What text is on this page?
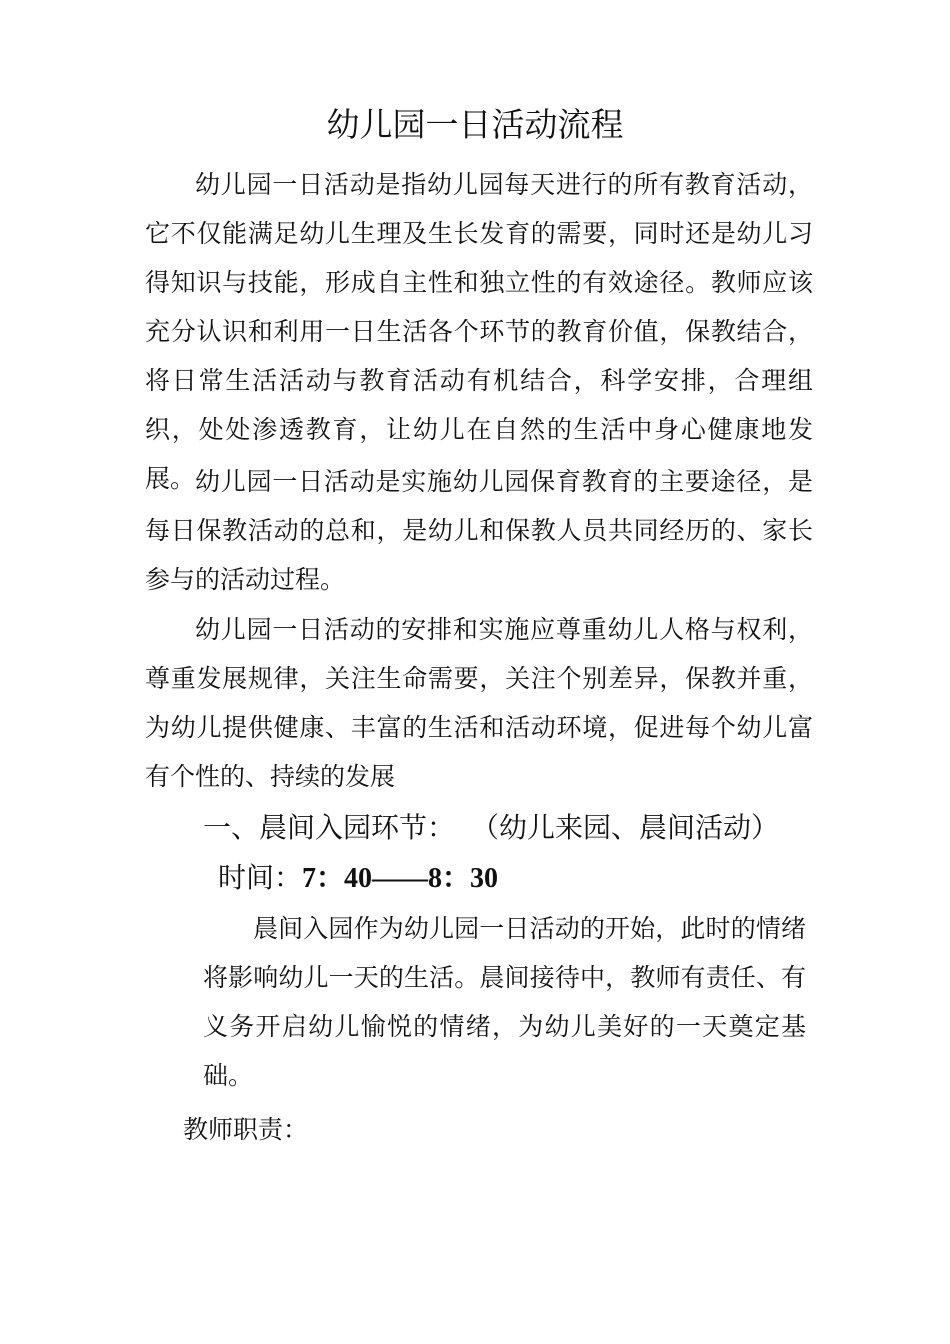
幼儿园一日活动流程

幼儿园一日活动是指幼儿园每天进行的所有教育活动，它不仅能满足幼儿生理及生长发育的需要，同时还是幼儿习得知识与技能，形成自主性和独立性的有效途径。教师应该充分认识和利用一日生活各个环节的教育价值，保教结合，将日常生活活动与教育活动有机结合，科学安排，合理组织，处处渗透教育，让幼儿在自然的生活中身心健康地发展。 幼儿园一日活动是实施幼儿园保育教育的主要途径，是每日保教活动的总和，是幼儿和保教人员共同经历的、家长参与的活动过程。

幼儿园一日活动的安排和实施应尊重幼儿人格与权利，尊重发展规律，关注生命需要，关注个别差异，保教并重，为幼儿提供健康、丰富的生活和活动环境，促进每个幼儿富有个性的、持续的发展

一、晨间入园环节： （幼儿来园、晨间活动）

时间：7：40——8：30

晨间入园作为幼儿园一日活动的开始，此时的情绪将影响幼儿一天的生活。晨间接待中，教师有责任、有义务开启幼儿愉悦的情绪，为幼儿美好的一天奠定基础。

教师职责：
